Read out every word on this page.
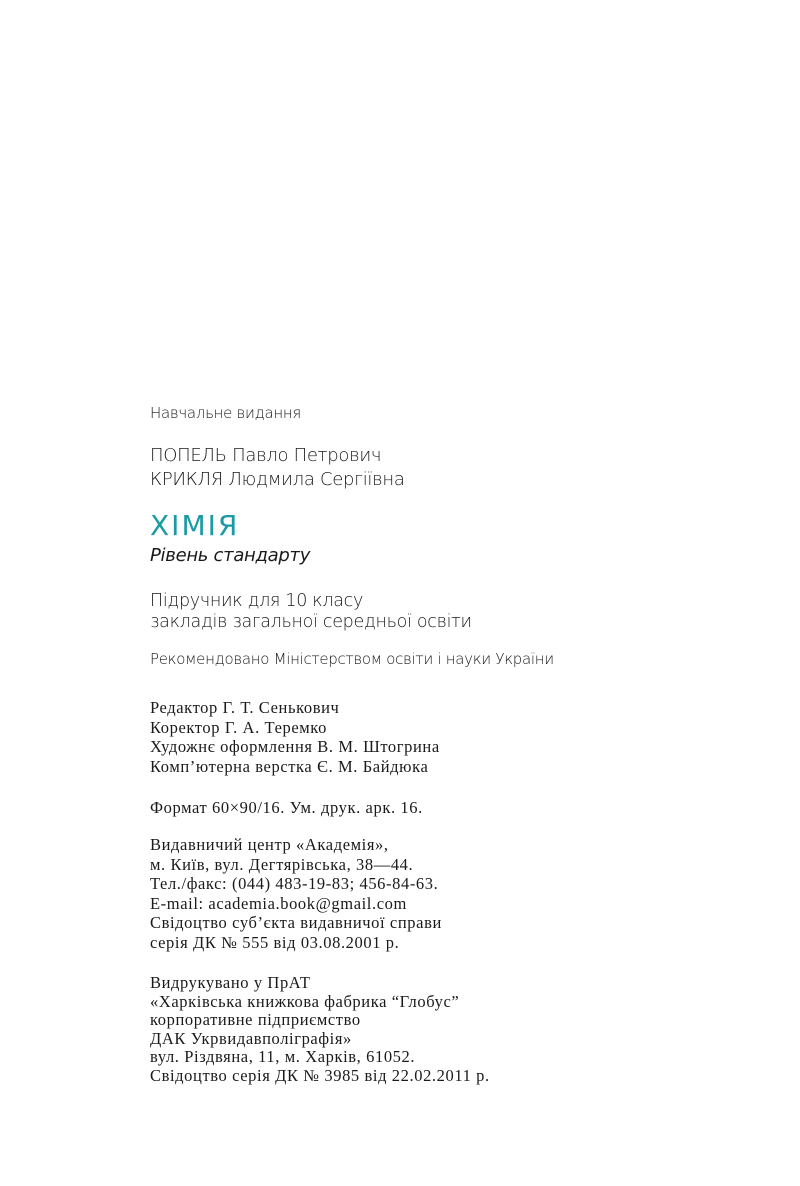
Навчальне видання
ПОПЕЛЬ Павло Петрович
КРИКЛЯ Людмила Сергіївна
ХІМІЯ
Рівень стандарту
Підручник для 10 класу
закладів загальної середньої освіти
Рекомендовано Міністерством освіти і науки України
Редактор Г. Т. Сенькович
Коректор Г. А. Теремко
Художнє оформлення В. М. Штогрина
Комп’ютерна верстка Є. М. Байдюка
Формат 60×90/16. Ум. друк. арк. 16.
Видавничий центр «Академія»,
м. Київ, вул. Дегтярівська, 38—44.
Тел./факс: (044) 483-19-83; 456-84-63.
E-mail: academia.book@gmail.com
Свідоцтво суб’єкта видавничої справи
серія ДК № 555 від 03.08.2001 р.
Видрукувано у ПрАТ
«Харківська книжкова фабрика “Глобус”
корпоративне підприємство
ДАК Укрвидавполіграфія»
вул. Різдвяна, 11, м. Харків, 61052.
Свідоцтво серія ДК № 3985 від 22.02.2011 р.
